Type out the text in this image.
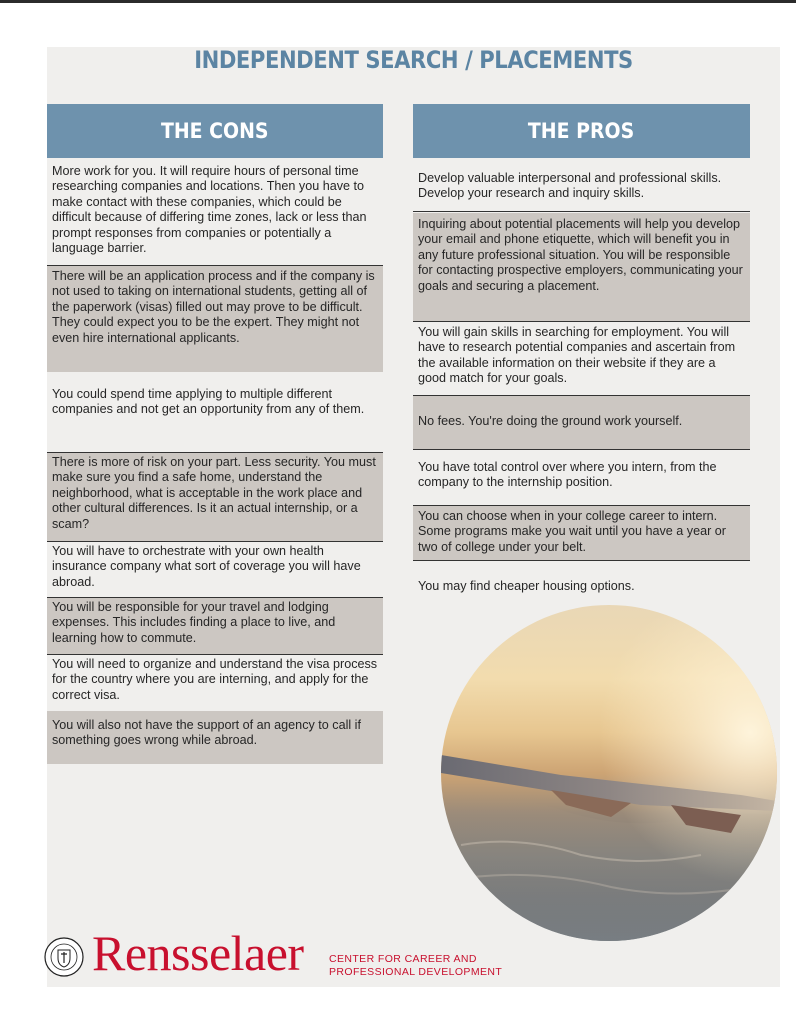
INDEPENDENT SEARCH / PLACEMENTS
THE CONS	THE PROS
More work for you. It will require hours of personal time researching companies and locations. Then you have to make contact with these companies, which could be difficult because of differing time zones, lack or less than prompt responses from companies or potentially a language barrier.
There will be an application process and if the company is not used to taking on international students, getting all of the paperwork (visas) filled out may prove to be difficult. They could expect you to be the expert. They might not even hire international applicants.
You could spend time applying to multiple different companies and not get an opportunity from any of them.
There is more of risk on your part. Less security. You must make sure you find a safe home, understand the neighborhood, what is acceptable in the work place and other cultural differences. Is it an actual internship, or a scam?
You will have to orchestrate with your own health insurance company what sort of coverage you will have abroad.
You will be responsible for your travel and lodging expenses. This includes finding a place to live, and learning how to commute.
You will need to organize and understand the visa process for the country where you are interning, and apply for the correct visa.
You will also not have the support of an agency to call if something goes wrong while abroad.
Develop valuable interpersonal and professional skills. Develop your research and inquiry skills.
Inquiring about potential placements will help you develop your email and phone etiquette, which will benefit you in any future professional situation. You will be responsible for contacting prospective employers, communicating your goals and securing a placement.
You will gain skills in searching for employment. You will have to research potential companies and ascertain from the available information on their website if they are a good match for your goals.
No fees. You're doing the ground work yourself.
You have total control over where you intern, from the company to the internship position.
You can choose when in your college career to intern. Some programs make you wait until you have a year or two of college under your belt.
You may find cheaper housing options.
Rensselaer CENTER FOR CAREER AND
PROFESSIONAL DEVELOPMENT
